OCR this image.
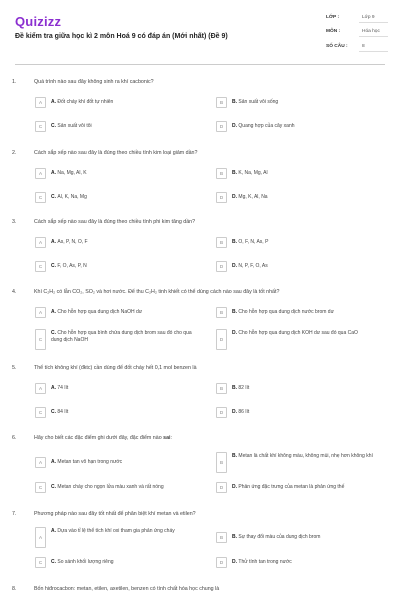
Quizizz
Đề kiểm tra giữa học kì 2 môn Hoá 9 có đáp án (Mới nhất) (Đề 9)
LỚP :	Lớp 9
MÔN :	Hóa học
SỐ CÂU :	8
1.	Quá trình nào sau đây không sinh ra khí cacbonic?
A	A. Đốt cháy khí đốt tự nhiên	B	B. Sản xuất vôi sống
C	C. Sản xuất vôi tôi	D	D. Quang hợp của cây xanh
2.	Cách sắp xếp nào sau đây là đúng theo chiều tính kim loại giảm dần?
A	A. Na, Mg, Al, K	B	B. K, Na, Mg, Al
C	C. Al, K, Na, Mg	D	D. Mg, K, Al, Na
3.	Cách sắp xếp nào sau đây là đúng theo chiều tính phi kim tăng dần?
A	A. As, P, N, O, F	B	B. O, F, N, As, P
C	C. F, O, As, P, N	D	D. N, P, F, O, As
4.	Khí C₂H₂ có lẫn CO₂, SO₂ và hơi nước. Để thu C₂H₂ tinh khiết có thể dùng cách nào sau đây là tốt nhất?
A	A. Cho hỗn hợp qua dung dịch NaOH dư	B	B. Cho hỗn hợp qua dung dịch nước brom dư
C
C. Cho hỗn hợp qua bình chứa dung dịch brom sau đó cho qua dung dịch NaOH	D
D. Cho hỗn hợp qua dung dịch KOH dư sau đó qua CaO
5.	Thể tích không khí (đktc) cần dùng để đốt cháy hết 0,1 mol benzen là
A	A. 74 lít	B	B. 82 lít
C	C. 84 lít	D	D. 86 lít
6.	Hãy cho biết các đặc điểm ghi dưới đây, đặc điểm nào sai:
A	A. Metan tan vô hạn trong nước	B
B. Metan là chất khí không màu, không mùi, nhẹ hơn không khí
C	C. Metan cháy cho ngọn lửa màu xanh và rất nóng	D	D. Phản ứng đặc trưng của metan là phản ứng thế
7.	Phương pháp nào sau đây tốt nhất để phân biệt khí metan và etilen?
A
A. Dựa vào tỉ lệ thể tích khí oxi tham gia phản ứng cháy
B	B. Sự thay đổi màu của dung dịch brom
C	C. So sánh khối lượng riêng	D	D. Thử tính tan trong nước
8.	Bốn hiđrocacbon: metan, etilen, axetilen, benzen có tính chất hóa học chung là
